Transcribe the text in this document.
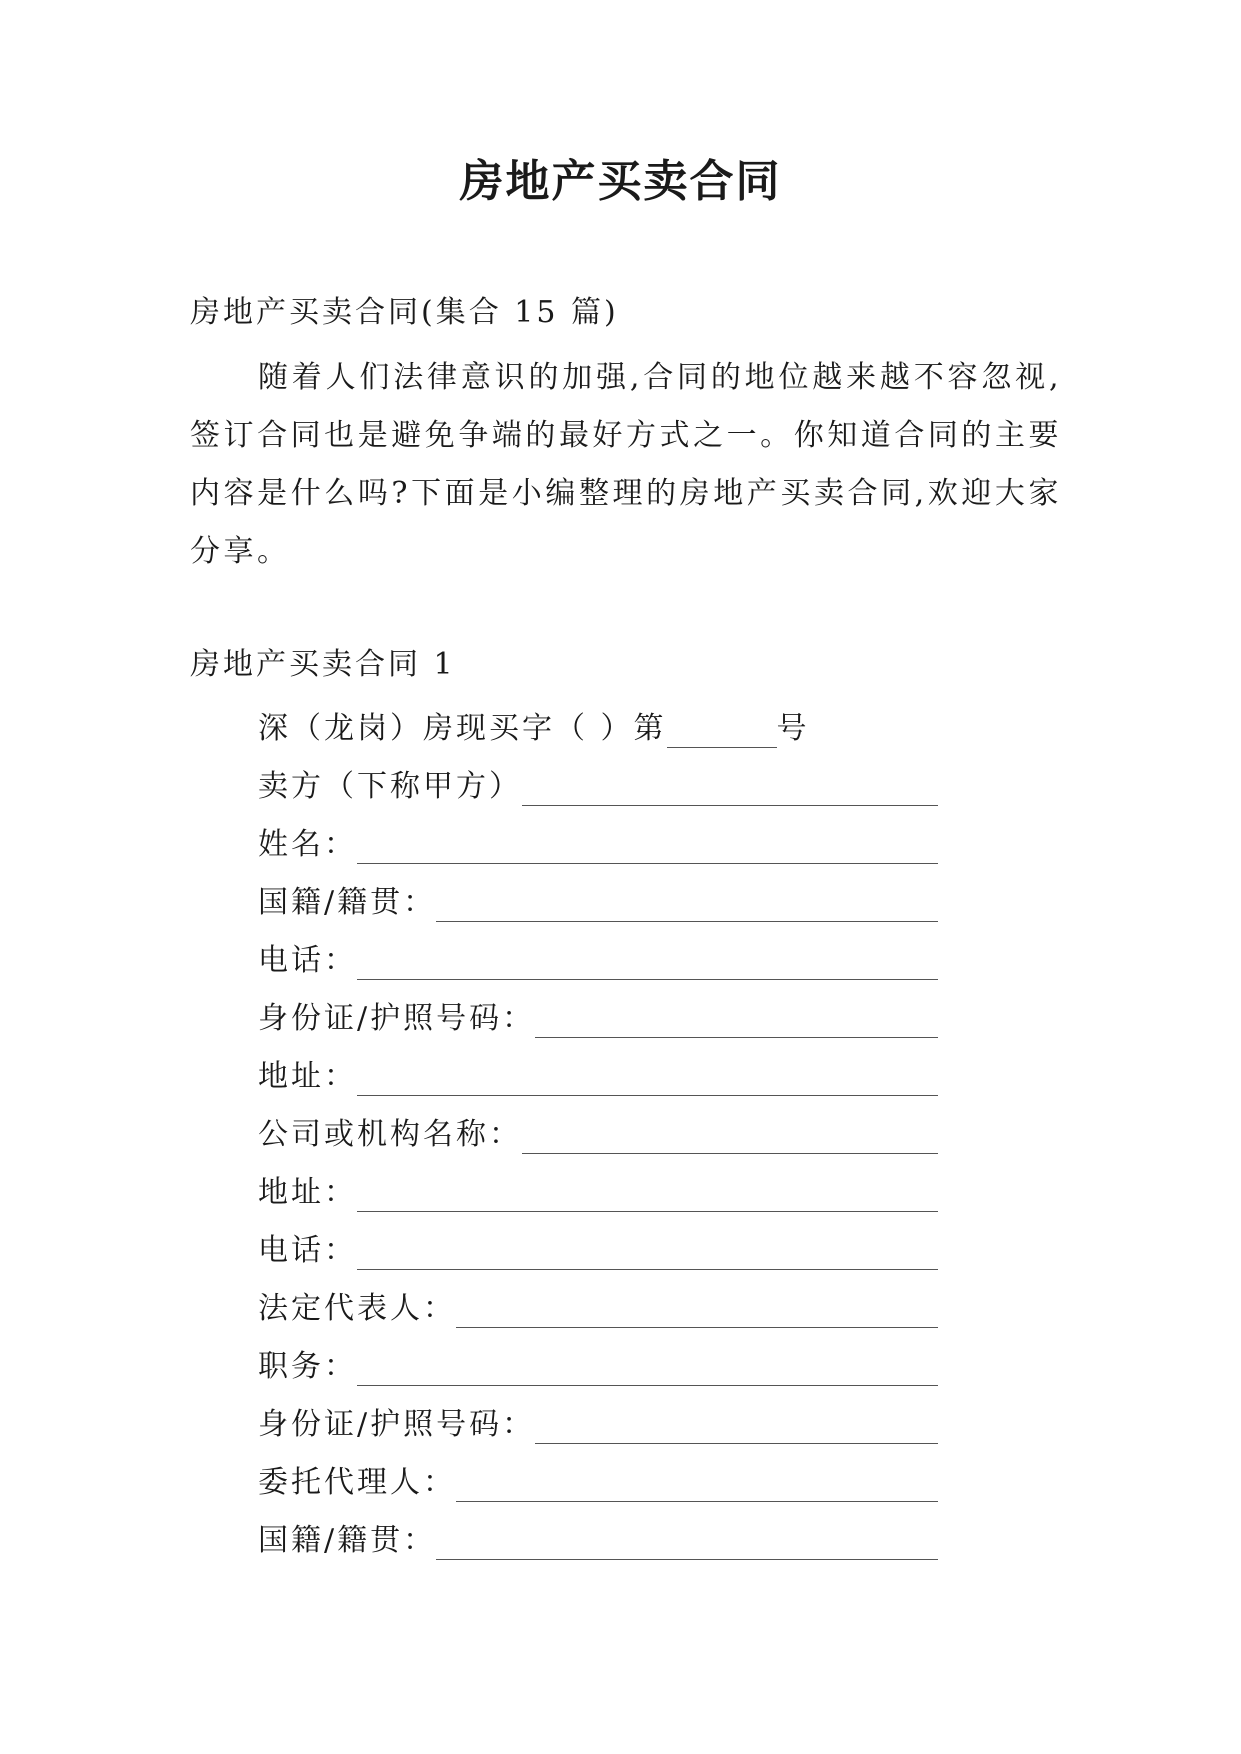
房地产买卖合同
房地产买卖合同(集合 15 篇)

随着人们法律意识的加强,合同的地位越来越不容忽视,签订合同也是避免争端的最好方式之一。你知道合同的主要内容是什么吗?下面是小编整理的房地产买卖合同,欢迎大家分享。

房地产买卖合同 1
深（龙岗）房现买字（ ）第	号
卖方（下称甲方）
姓名：
国籍/籍贯：
电话：
身份证/护照号码：
地址：
公司或机构名称：
地址：
电话：
法定代表人：
职务：
身份证/护照号码：
委托代理人：
国籍/籍贯：
